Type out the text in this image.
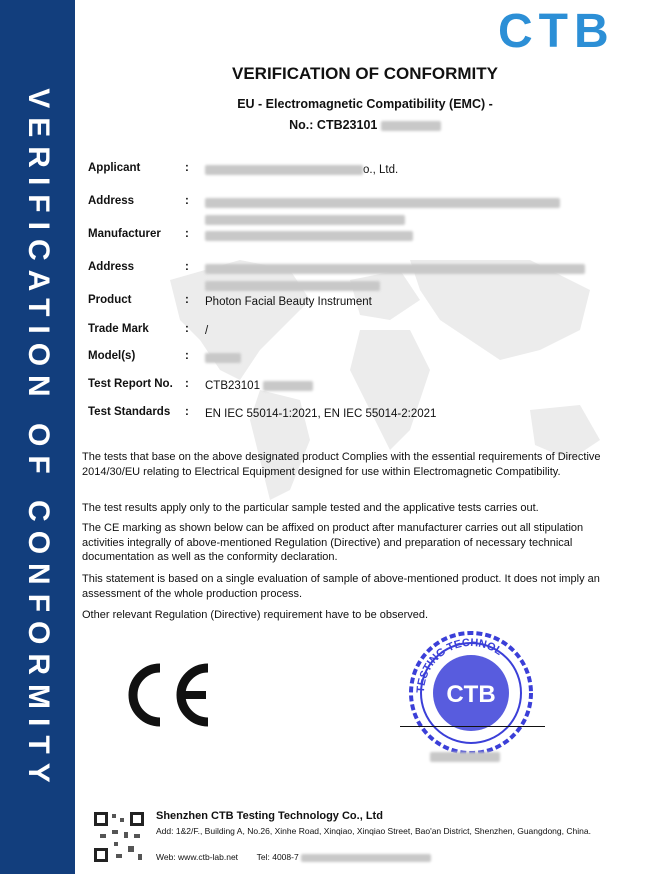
VERIFICATION OF CONFORMITY
CTB
VERIFICATION OF CONFORMITY
EU - Electromagnetic Compatibility (EMC) -
No.: CTB23101
Applicant	:	o., Ltd.
Address	:

Manufacturer	:
Address	:

Product	: Photon Facial Beauty Instrument
Trade Mark	: /
Model(s)	:
Test Report No.	: CTB23101
Test Standards	: EN IEC 55014-1:2021, EN IEC 55014-2:2021
The tests that base on the above designated product Complies with the essential requirements of Directive 2014/30/EU relating to Electrical Equipment designed for use within Electromagnetic Compatibility.
The test results apply only to the particular sample tested and the applicative tests carries out.
The CE marking as shown below can be affixed on product after manufacturer carries out all stipulation activities integrally of above-mentioned Regulation (Directive) and preparation of necessary technical documentation as well as the conformity declaration.
This statement is based on a single evaluation of sample of above-mentioned product. It does not imply an assessment of the whole production process.
Other relevant Regulation (Directive) requirement have to be observed.
TESTING TECHNOL
CTB
Shenzhen CTB Testing Technology Co., Ltd
Add: 1&2/F., Building A, No.26, Xinhe Road, Xinqiao, Xinqiao Street, Bao'an District, Shenzhen, Guangdong, China.
Web: www.ctb-lab.net Tel: 4008-7
